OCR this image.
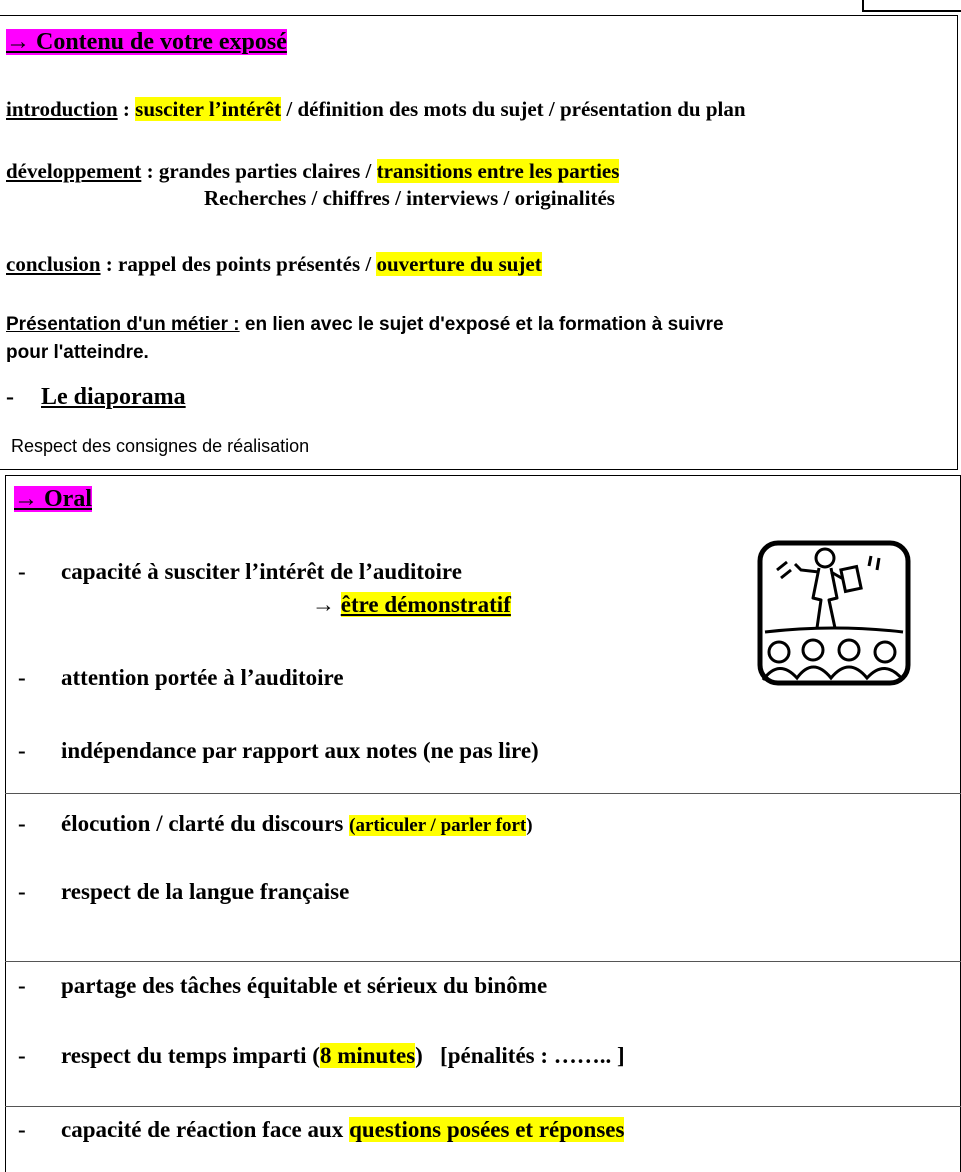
→ Contenu de votre exposé
introduction : susciter l’intérêt / définition des mots du sujet / présentation du plan
développement : grandes parties claires / transitions entre les parties
Recherches / chiffres / interviews / originalités
conclusion : rappel des points présentés / ouverture du sujet
Présentation d'un métier : en lien avec le sujet d'exposé et la formation à suivre
pour l'atteindre.
- Le diaporama
Respect des consignes de réalisation
→ Oral
- capacité à susciter l’intérêt de l’auditoire
→ être démonstratif
- attention portée à l’auditoire
- indépendance par rapport aux notes (ne pas lire)
- élocution / clarté du discours (articuler / parler fort)
- respect de la langue française
- partage des tâches équitable et sérieux du binôme
- respect du temps imparti (8 minutes)   [pénalités : …….. ]
- capacité de réaction face aux questions posées et réponses
